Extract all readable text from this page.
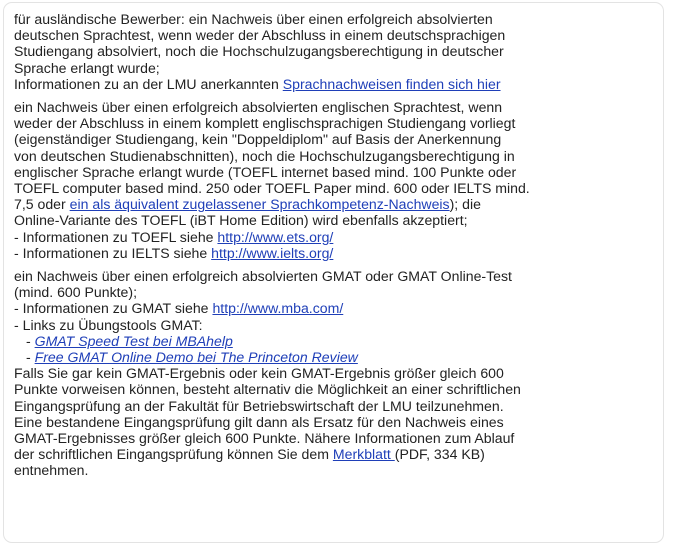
für ausländische Bewerber: ein Nachweis über einen erfolgreich absolvierten
deutschen Sprachtest, wenn weder der Abschluss in einem deutschsprachigen
Studiengang absolviert, noch die Hochschulzugangsberechtigung in deutscher
Sprache erlangt wurde;
Informationen zu an der LMU anerkannten Sprachnachweisen finden sich hier
ein Nachweis über einen erfolgreich absolvierten englischen Sprachtest, wenn
weder der Abschluss in einem komplett englischsprachigen Studiengang vorliegt
(eigenständiger Studiengang, kein "Doppeldiplom" auf Basis der Anerkennung
von deutschen Studienabschnitten), noch die Hochschulzugangsberechtigung in
englischer Sprache erlangt wurde (TOEFL internet based mind. 100 Punkte oder
TOEFL computer based mind. 250 oder TOEFL Paper mind. 600 oder IELTS mind.
7,5 oder ein als äquivalent zugelassener Sprachkompetenz-Nachweis); die
Online-Variante des TOEFL (iBT Home Edition) wird ebenfalls akzeptiert;
- Informationen zu TOEFL siehe http://www.ets.org/
- Informationen zu IELTS siehe http://www.ielts.org/
ein Nachweis über einen erfolgreich absolvierten GMAT oder GMAT Online-Test
(mind. 600 Punkte);
- Informationen zu GMAT siehe http://www.mba.com/
- Links zu Übungstools GMAT:
- GMAT Speed Test bei MBAhelp
- Free GMAT Online Demo bei The Princeton Review
Falls Sie gar kein GMAT-Ergebnis oder kein GMAT-Ergebnis größer gleich 600
Punkte vorweisen können, besteht alternativ die Möglichkeit an einer schriftlichen
Eingangsprüfung an der Fakultät für Betriebswirtschaft der LMU teilzunehmen.
Eine bestandene Eingangsprüfung gilt dann als Ersatz für den Nachweis eines
GMAT-Ergebnisses größer gleich 600 Punkte. Nähere Informationen zum Ablauf
der schriftlichen Eingangsprüfung können Sie dem Merkblatt (PDF, 334 KB)
entnehmen.
